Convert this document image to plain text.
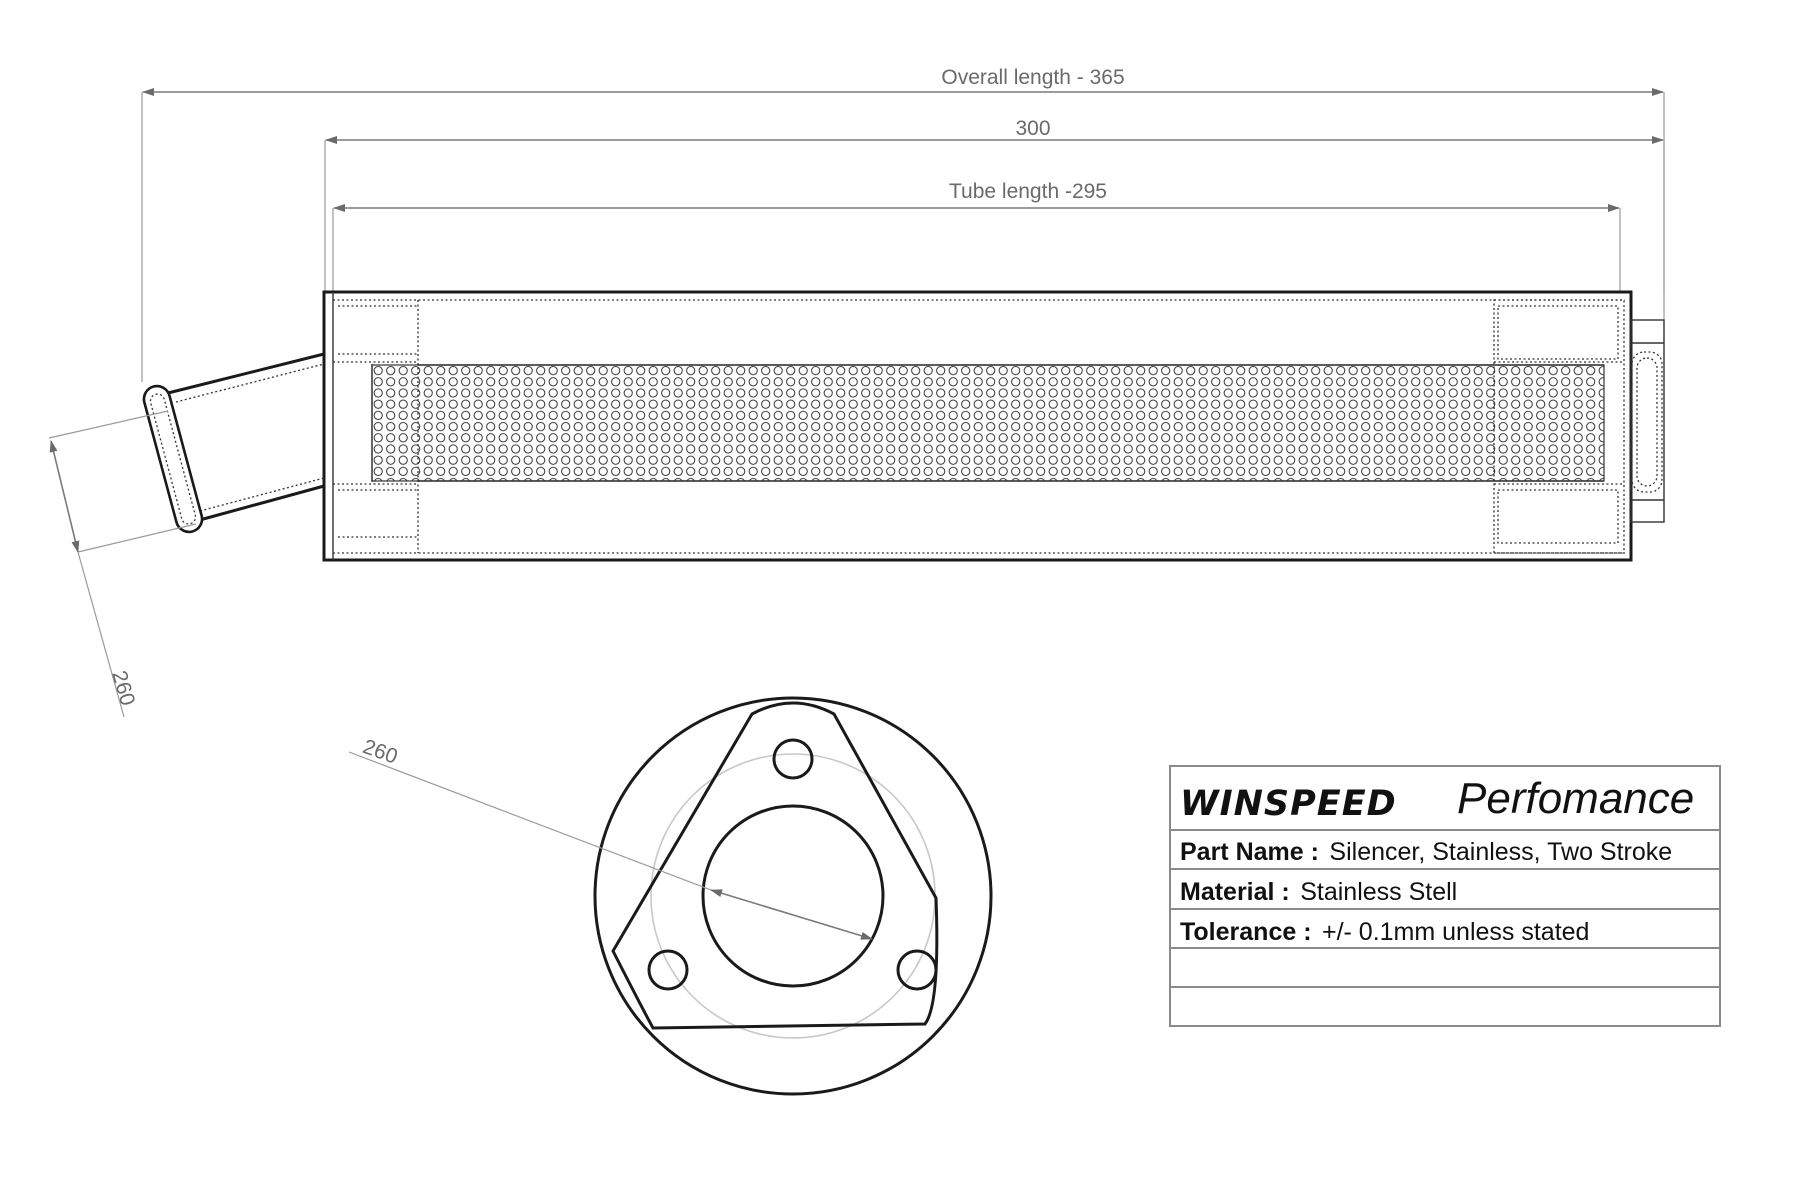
Overall length - 365
300
Tube length -295
260
260
WINSPEED Perfomance
Part Name : Silencer, Stainless, Two Stroke
Material : Stainless Stell
Tolerance : +/- 0.1mm unless stated
